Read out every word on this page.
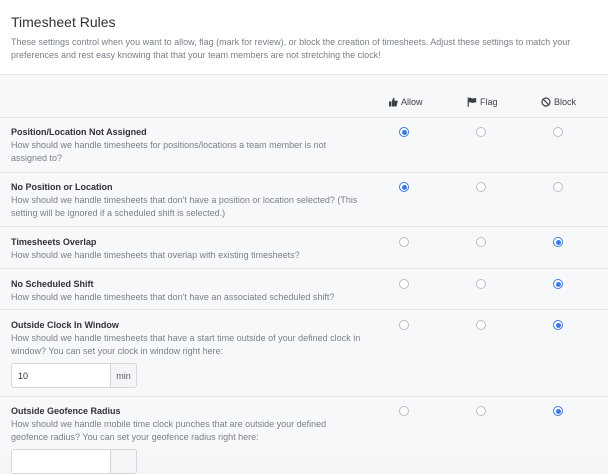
Timesheet Rules
These settings control when you want to allow, flag (mark for review), or block the creation of timesheets. Adjust these settings to match your preferences and rest easy knowing that that your team members are not stretching the clock!
Allow	Flag	Block
Position/Location Not Assigned
How should we handle timesheets for positions/locations a team member is not assigned to?
No Position or Location
How should we handle timesheets that don't have a position or location selected? (This setting will be ignored if a scheduled shift is selected.)
Timesheets Overlap
How should we handle timesheets that overlap with existing timesheets?
No Scheduled Shift
How should we handle timesheets that don't have an associated scheduled shift?
Outside Clock In Window
How should we handle timesheets that have a start time outside of your defined clock in window? You can set your clock in window right here:
10
min
Outside Geofence Radius
How should we handle mobile time clock punches that are outside your defined geofence radius? You can set your geofence radius right here:
